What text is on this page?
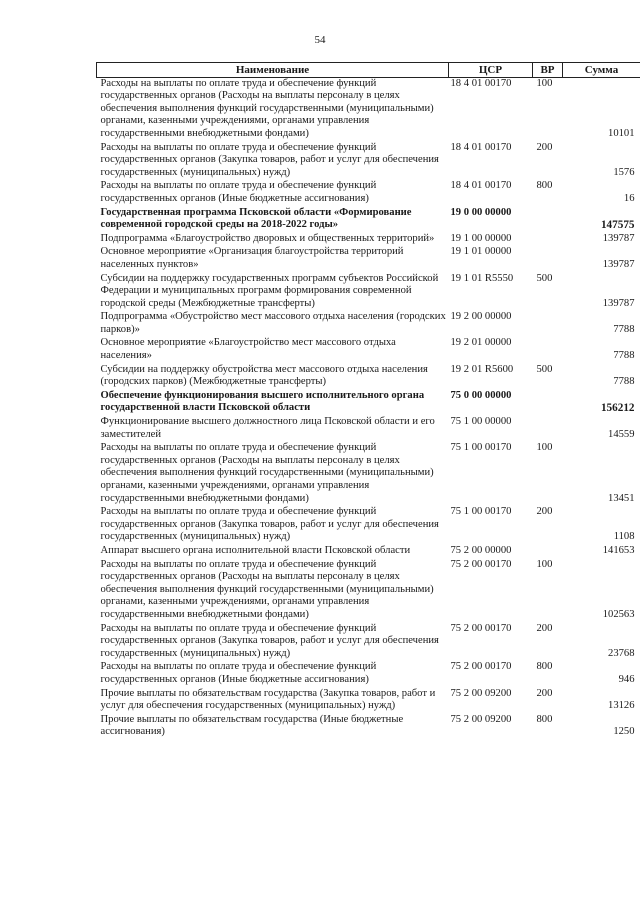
54
Наименование	ЦСР	ВР	Сумма
Расходы на выплаты по оплате труда и обеспечение функций государственных органов (Расходы на выплаты персоналу в целях обеспечения выполнения функций государственными (муниципальными) органами, казенными учреждениями, органами управления государственными внебюджетными фондами)	18 4 01 00170	100	10101
Расходы на выплаты по оплате труда и обеспечение функций государственных органов (Закупка товаров, работ и услуг для обеспечения государственных (муниципальных) нужд)	18 4 01 00170	200	1576
Расходы на выплаты по оплате труда и обеспечение функций государственных органов (Иные бюджетные ассигнования)	18 4 01 00170	800	16
Государственная программа Псковской области «Формирование современной городской среды на 2018-2022 годы»	19 0 00 00000		147575
Подпрограмма «Благоустройство дворовых и общественных территорий»	19 1 00 00000		139787
Основное мероприятие «Организация благоустройства территорий населенных пунктов»	19 1 01 00000		139787
Субсидии на поддержку государственных программ субъектов Российской Федерации и муниципальных программ формирования современной городской среды (Межбюджетные трансферты)	19 1 01 R5550	500	139787
Подпрограмма «Обустройство мест массового отдыха населения (городских парков)»	19 2 00 00000		7788
Основное мероприятие «Благоустройство мест массового отдыха населения»	19 2 01 00000		7788
Субсидии на поддержку обустройства мест массового отдыха населения (городских парков) (Межбюджетные трансферты)	19 2 01 R5600	500	7788
Обеспечение функционирования высшего исполнительного органа государственной власти Псковской области	75 0 00 00000		156212
Функционирование высшего должностного лица Псковской области и его заместителей	75 1 00 00000		14559
Расходы на выплаты по оплате труда и обеспечение функций государственных органов (Расходы на выплаты персоналу в целях обеспечения выполнения функций государственными (муниципальными) органами, казенными учреждениями, органами управления государственными внебюджетными фондами)	75 1 00 00170	100	13451
Расходы на выплаты по оплате труда и обеспечение функций государственных органов (Закупка товаров, работ и услуг для обеспечения государственных (муниципальных) нужд)	75 1 00 00170	200	1108
Аппарат высшего органа исполнительной власти Псковской области	75 2 00 00000		141653
Расходы на выплаты по оплате труда и обеспечение функций государственных органов (Расходы на выплаты персоналу в целях обеспечения выполнения функций государственными (муниципальными) органами, казенными учреждениями, органами управления государственными внебюджетными фондами)	75 2 00 00170	100	102563
Расходы на выплаты по оплате труда и обеспечение функций государственных органов (Закупка товаров, работ и услуг для обеспечения государственных (муниципальных) нужд)	75 2 00 00170	200	23768
Расходы на выплаты по оплате труда и обеспечение функций государственных органов (Иные бюджетные ассигнования)	75 2 00 00170	800	946
Прочие выплаты по обязательствам государства (Закупка товаров, работ и услуг для обеспечения государственных (муниципальных) нужд)	75 2 00 09200	200	13126
Прочие выплаты по обязательствам государства (Иные бюджетные ассигнования)	75 2 00 09200	800	1250
